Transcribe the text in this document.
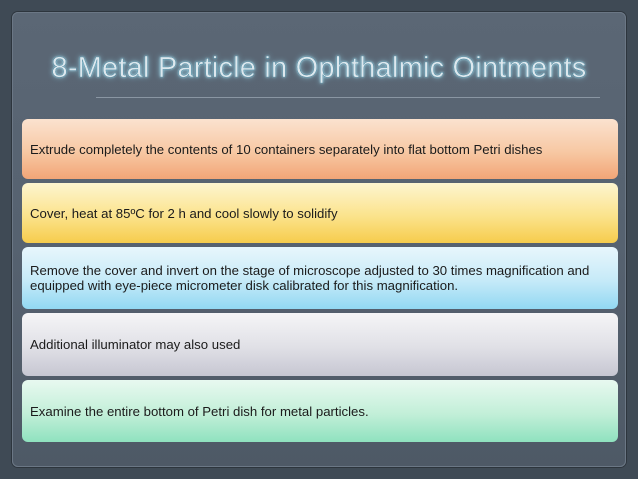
8-Metal Particle in Ophthalmic Ointments
Extrude completely the contents of 10 containers separately into flat bottom Petri dishes
Cover, heat at 85ºC for 2 h and cool slowly to solidify
Remove the cover and invert on the stage of microscope adjusted to 30 times magnification and equipped with eye-piece micrometer disk calibrated for this magnification.
Additional illuminator may also used
Examine the entire bottom of Petri dish for metal particles.
